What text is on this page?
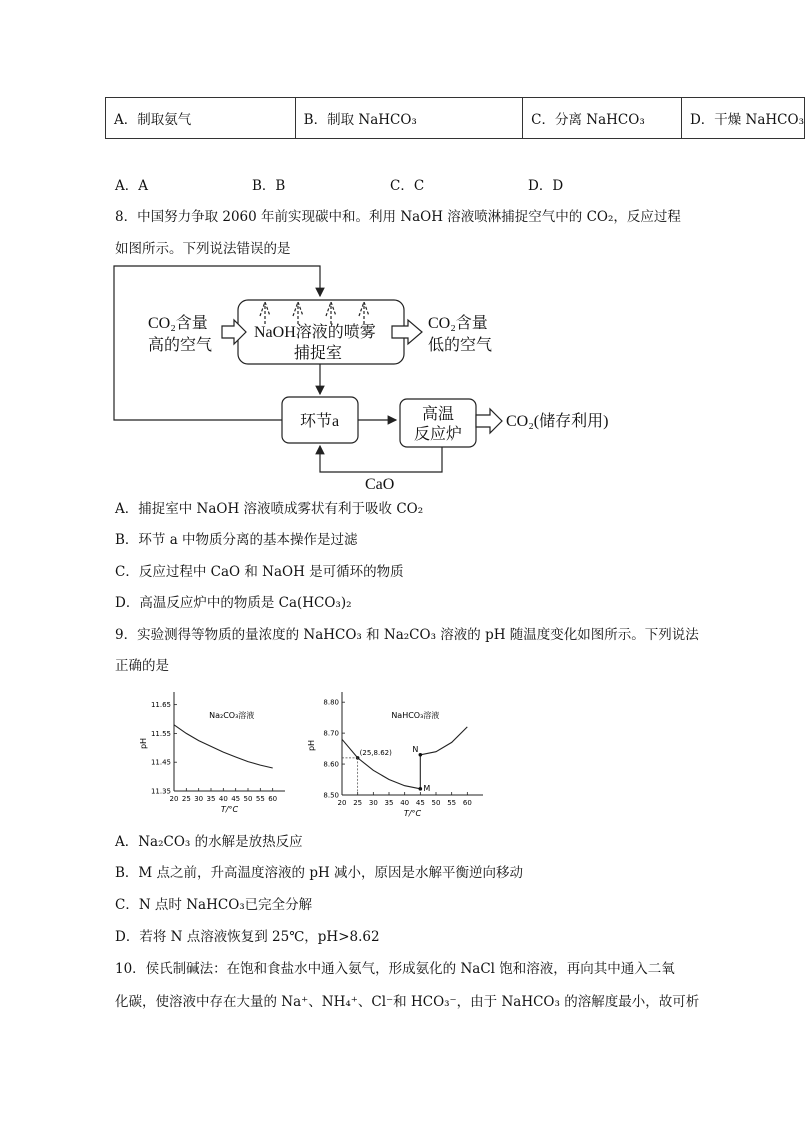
A．制取氨气	B．制取 NaHCO₃	C．分离 NaHCO₃	D．干燥 NaHCO₃
A．A	B．B	C．C	D．D
8．中国努力争取 2060 年前实现碳中和。利用 NaOH 溶液喷淋捕捉空气中的 CO₂，反应过程
如图所示。下列说法错误的是
CO₂含量
高的空气
NaOH溶液的喷雾
捕捉室
CO₂含量
低的空气
环节a	高温
反应炉
CO₂(储存利用)
CaO
A．捕捉室中 NaOH 溶液喷成雾状有利于吸收 CO₂
B．环节 a 中物质分离的基本操作是过滤
C．反应过程中 CaO 和 NaOH 是可循环的物质
D．高温反应炉中的物质是 Ca(HCO₃)₂
9．实验测得等物质的量浓度的 NaHCO₃ 和 Na₂CO₃ 溶液的 pH 随温度变化如图所示。下列说法
正确的是
20 25 30 35 40 45 50 55 60
11.35
11.45
11.55
11.65
T/°C
pH
Na₂CO₃溶液
20 25 30 35 40 45 50 55 60
8.50
8.60
8.70
8.80
T/°C
pH
NaHCO₃溶液
(25,8.62)
M
N
A．Na₂CO₃ 的水解是放热反应
B．M 点之前，升高温度溶液的 pH 减小，原因是水解平衡逆向移动
C．N 点时 NaHCO₃已完全分解
D．若将 N 点溶液恢复到 25℃，pH>8.62
10．侯氏制碱法：在饱和食盐水中通入氨气，形成氨化的 NaCl 饱和溶液，再向其中通入二氧
化碳，使溶液中存在大量的 Na⁺、NH₄⁺、Cl⁻和 HCO₃⁻，由于 NaHCO₃ 的溶解度最小，故可析
